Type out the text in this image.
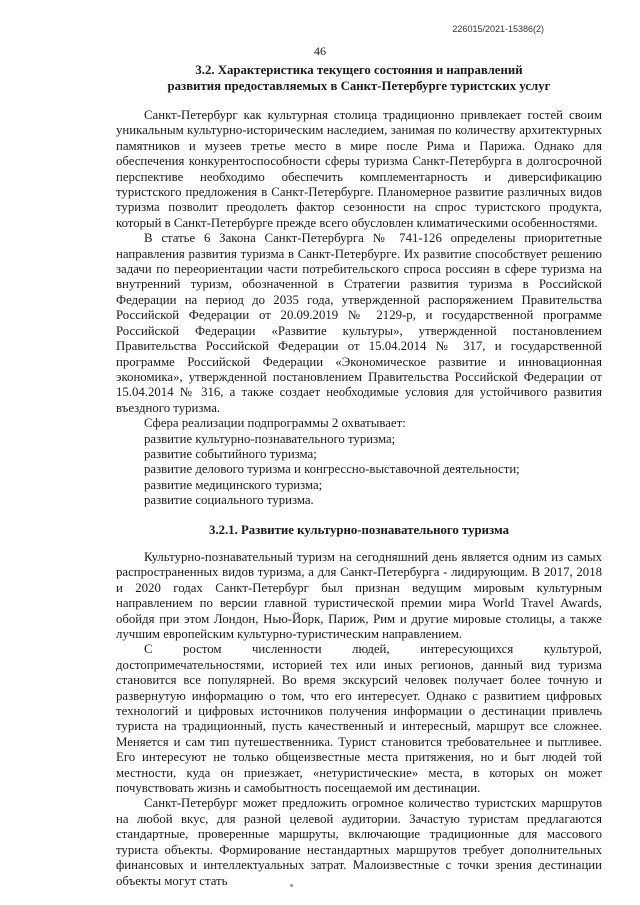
226015/2021-15386(2)
46
3.2. Характеристика текущего состояния и направлений
развития предоставляемых в Санкт-Петербурге туристских услуг

Санкт-Петербург как культурная столица традиционно привлекает гостей своим уникальным культурно-историческим наследием, занимая по количеству архитектурных памятников и музеев третье место в мире после Рима и Парижа. Однако для обеспечения конкурентоспособности сферы туризма Санкт-Петербурга в долгосрочной перспективе необходимо обеспечить комплементарность и диверсификацию туристского предложения в Санкт-Петербурге. Планомерное развитие различных видов туризма позволит преодолеть фактор сезонности на спрос туристского продукта, который в Санкт-Петербурге прежде всего обусловлен климатическими особенностями.

В статье 6 Закона Санкт-Петербурга № 741-126 определены приоритетные направления развития туризма в Санкт-Петербурге. Их развитие способствует решению задачи по переориентации части потребительского спроса россиян в сфере туризма на внутренний туризм, обозначенной в Стратегии развития туризма в Российской Федерации на период до 2035 года, утвержденной распоряжением Правительства Российской Федерации от 20.09.2019 № 2129-р, и государственной программе Российской Федерации «Развитие культуры», утвержденной постановлением Правительства Российской Федерации от 15.04.2014 № 317, и государственной программе Российской Федерации «Экономическое развитие и инновационная экономика», утвержденной постановлением Правительства Российской Федерации от 15.04.2014 № 316, а также создает необходимые условия для устойчивого развития въездного туризма.

Сфера реализации подпрограммы 2 охватывает:

развитие культурно-познавательного туризма;

развитие событийного туризма;

развитие делового туризма и конгрессно-выставочной деятельности;

развитие медицинского туризма;

развитие социального туризма.

3.2.1. Развитие культурно-познавательного туризма

Культурно-познавательный туризм на сегодняшний день является одним из самых распространенных видов туризма, а для Санкт-Петербурга - лидирующим. В 2017, 2018 и 2020 годах Санкт-Петербург был признан ведущим мировым культурным направлением по версии главной туристической премии мира World Travel Awards, обойдя при этом Лондон, Нью-Йорк, Париж, Рим и другие мировые столицы, а также лучшим европейским культурно-туристическим направлением.

С ростом численности людей, интересующихся культурой, достопримечательностями, историей тех или иных регионов, данный вид туризма становится все популярней. Во время экскурсий человек получает более точную и развернутую информацию о том, что его интересует. Однако с развитием цифровых технологий и цифровых источников получения информации о дестинации привлечь туриста на традиционный, пусть качественный и интересный, маршрут все сложнее. Меняется и сам тип путешественника. Турист становится требовательнее и пытливее. Его интересуют не только общеизвестные места притяжения, но и быт людей той местности, куда он приезжает, «нетуристические» места, в которых он может почувствовать жизнь и самобытность посещаемой им дестинации.

Санкт-Петербург может предложить огромное количество туристских маршрутов на любой вкус, для разной целевой аудитории. Зачастую туристам предлагаются стандартные, проверенные маршруты, включающие традиционные для массового туриста объекты. Формирование нестандартных маршрутов требует дополнительных финансовых и интеллектуальных затрат. Малоизвестные с точки зрения дестинации объекты могут стать
